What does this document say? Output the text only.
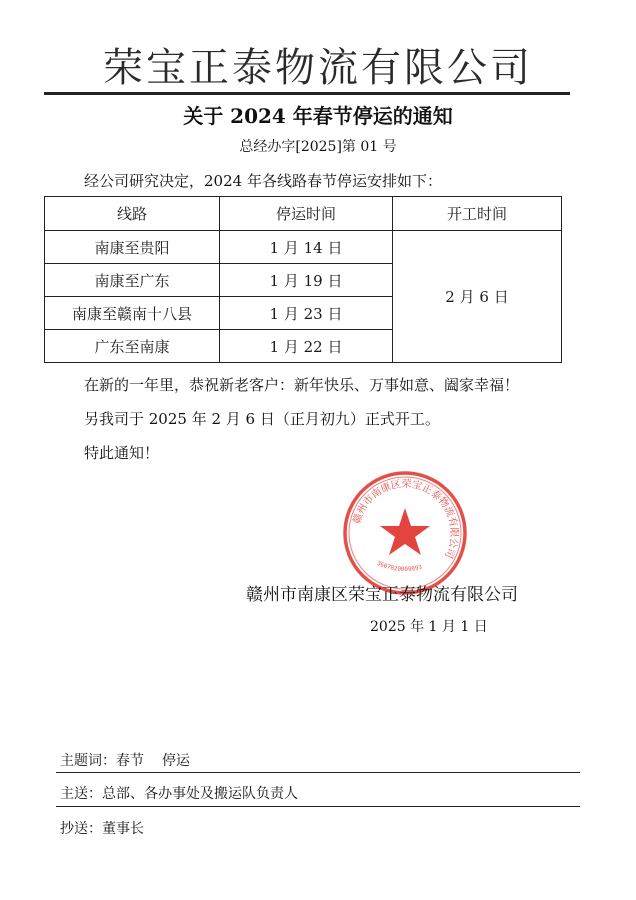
荣宝正泰物流有限公司
关于 2024 年春节停运的通知
总经办字[2025]第 01 号
经公司研究决定，2024 年各线路春节停运安排如下：
线路	停运时间	开工时间
南康至贵阳	1 月 14 日	2 月 6 日
南康至广东	1 月 19 日	
南康至赣南十八县	1 月 23 日	
广东至南康	1 月 22 日	
在新的一年里，恭祝新老客户：新年快乐、万事如意、阖家幸福！
另我司于 2025 年 2 月 6 日（正月初九）正式开工。
特此通知！
赣州市南康区荣宝正泰物流有限公司
3607820009893
赣州市南康区荣宝正泰物流有限公司
2025 年 1 月 1 日
主题词：春节 停运
主送：总部、各办事处及搬运队负责人
抄送：董事长
